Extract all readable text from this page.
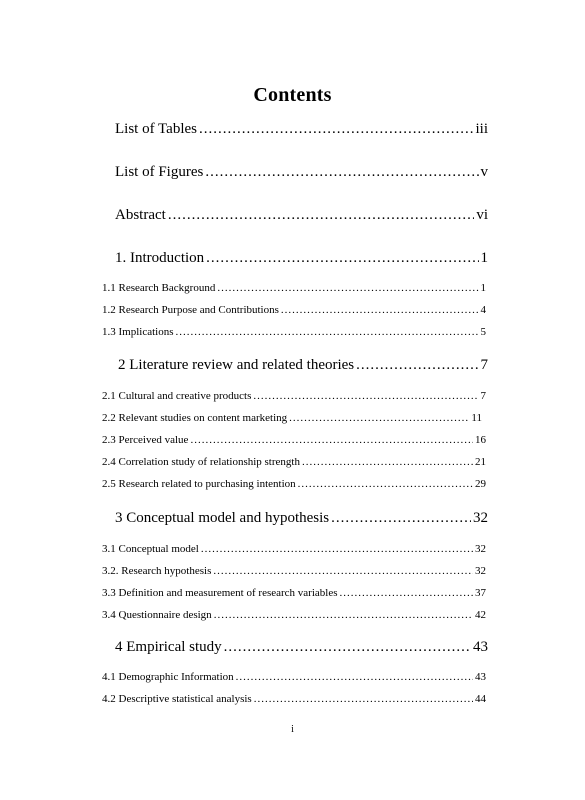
Contents
List of Tables .....	iii
List of Figures .....	v
Abstract .....	vi
1. Introduction .....	1
1.1 Research Background .....	1
1.2 Research Purpose and Contributions .....	4
1.3 Implications .....	5
2 Literature review and related theories .....	7
2.1 Cultural and creative products .....	7
2.2 Relevant studies on content marketing .....	11
2.3 Perceived value .....	16
2.4 Correlation study of relationship strength .....	21
2.5 Research related to purchasing intention .....	29
3 Conceptual model and hypothesis .....	32
3.1 Conceptual model .....	32
3.2. Research hypothesis .....	32
3.3 Definition and measurement of research variables .....	37
3.4 Questionnaire design .....	42
4 Empirical study .....	43
4.1 Demographic Information .....	43
4.2 Descriptive statistical analysis .....	44
i
